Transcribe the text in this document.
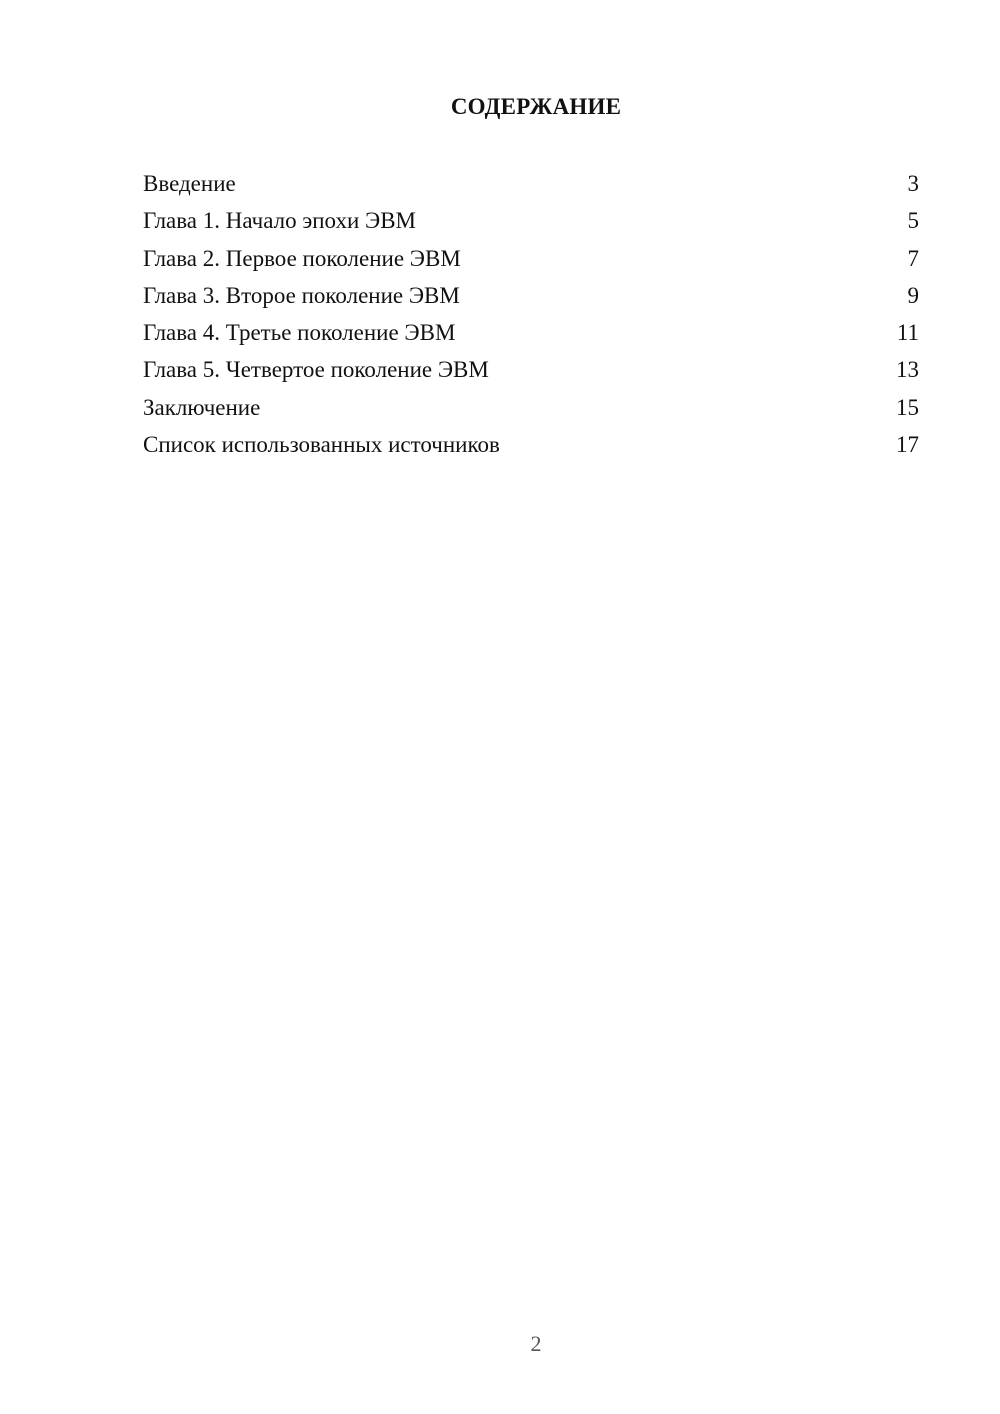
СОДЕРЖАНИЕ
Введение	3
Глава 1. Начало эпохи ЭВМ	5
Глава 2. Первое поколение ЭВМ	7
Глава 3. Второе поколение ЭВМ	9
Глава 4. Третье поколение ЭВМ	11
Глава 5. Четвертое поколение ЭВМ	13
Заключение	15
Список использованных источников	17
2
